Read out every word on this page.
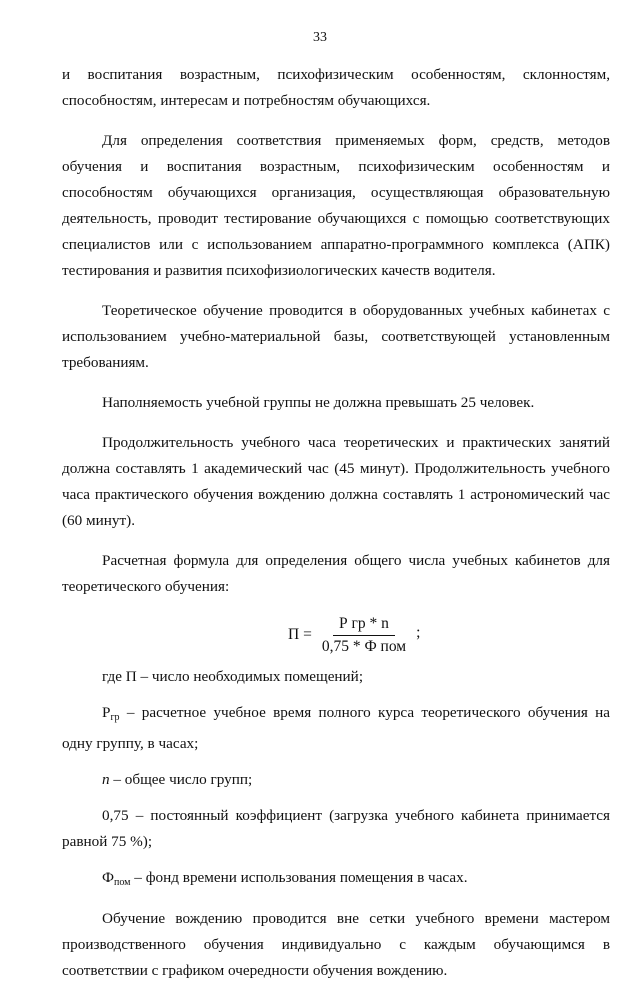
33

и воспитания возрастным, психофизическим особенностям, склонностям, способностям, интересам и потребностям обучающихся.

Для определения соответствия применяемых форм, средств, методов обучения и воспитания возрастным, психофизическим особенностям и способностям обучающихся организация, осуществляющая образовательную деятельность, проводит тестирование обучающихся с помощью соответствующих специалистов или с использованием аппаратно-программного комплекса (АПК) тестирования и развития психофизиологических качеств водителя.

Теоретическое обучение проводится в оборудованных учебных кабинетах с использованием учебно-материальной базы, соответствующей установленным требованиям.

Наполняемость учебной группы не должна превышать 25 человек.

Продолжительность учебного часа теоретических и практических занятий должна составлять 1 академический час (45 минут). Продолжительность учебного часа практического обучения вождению должна составлять 1 астрономический час (60 минут).

Расчетная формула для определения общего числа учебных кабинетов для теоретического обучения:

$П = \frac{\text{Р гр * n}}{\text{0,75 * Ф пом}}$ ;

где П – число необходимых помещений;

$Р_{гр}$ – расчетное учебное время полного курса теоретического обучения на одну группу, в часах;

n – общее число групп;

0,75 – постоянный коэффициент (загрузка учебного кабинета принимается равной 75 %);

$Ф_{пом}$ – фонд времени использования помещения в часах.

Обучение вождению проводится вне сетки учебного времени мастером производственного обучения индивидуально с каждым обучающимся в соответствии с графиком очередности обучения вождению.
